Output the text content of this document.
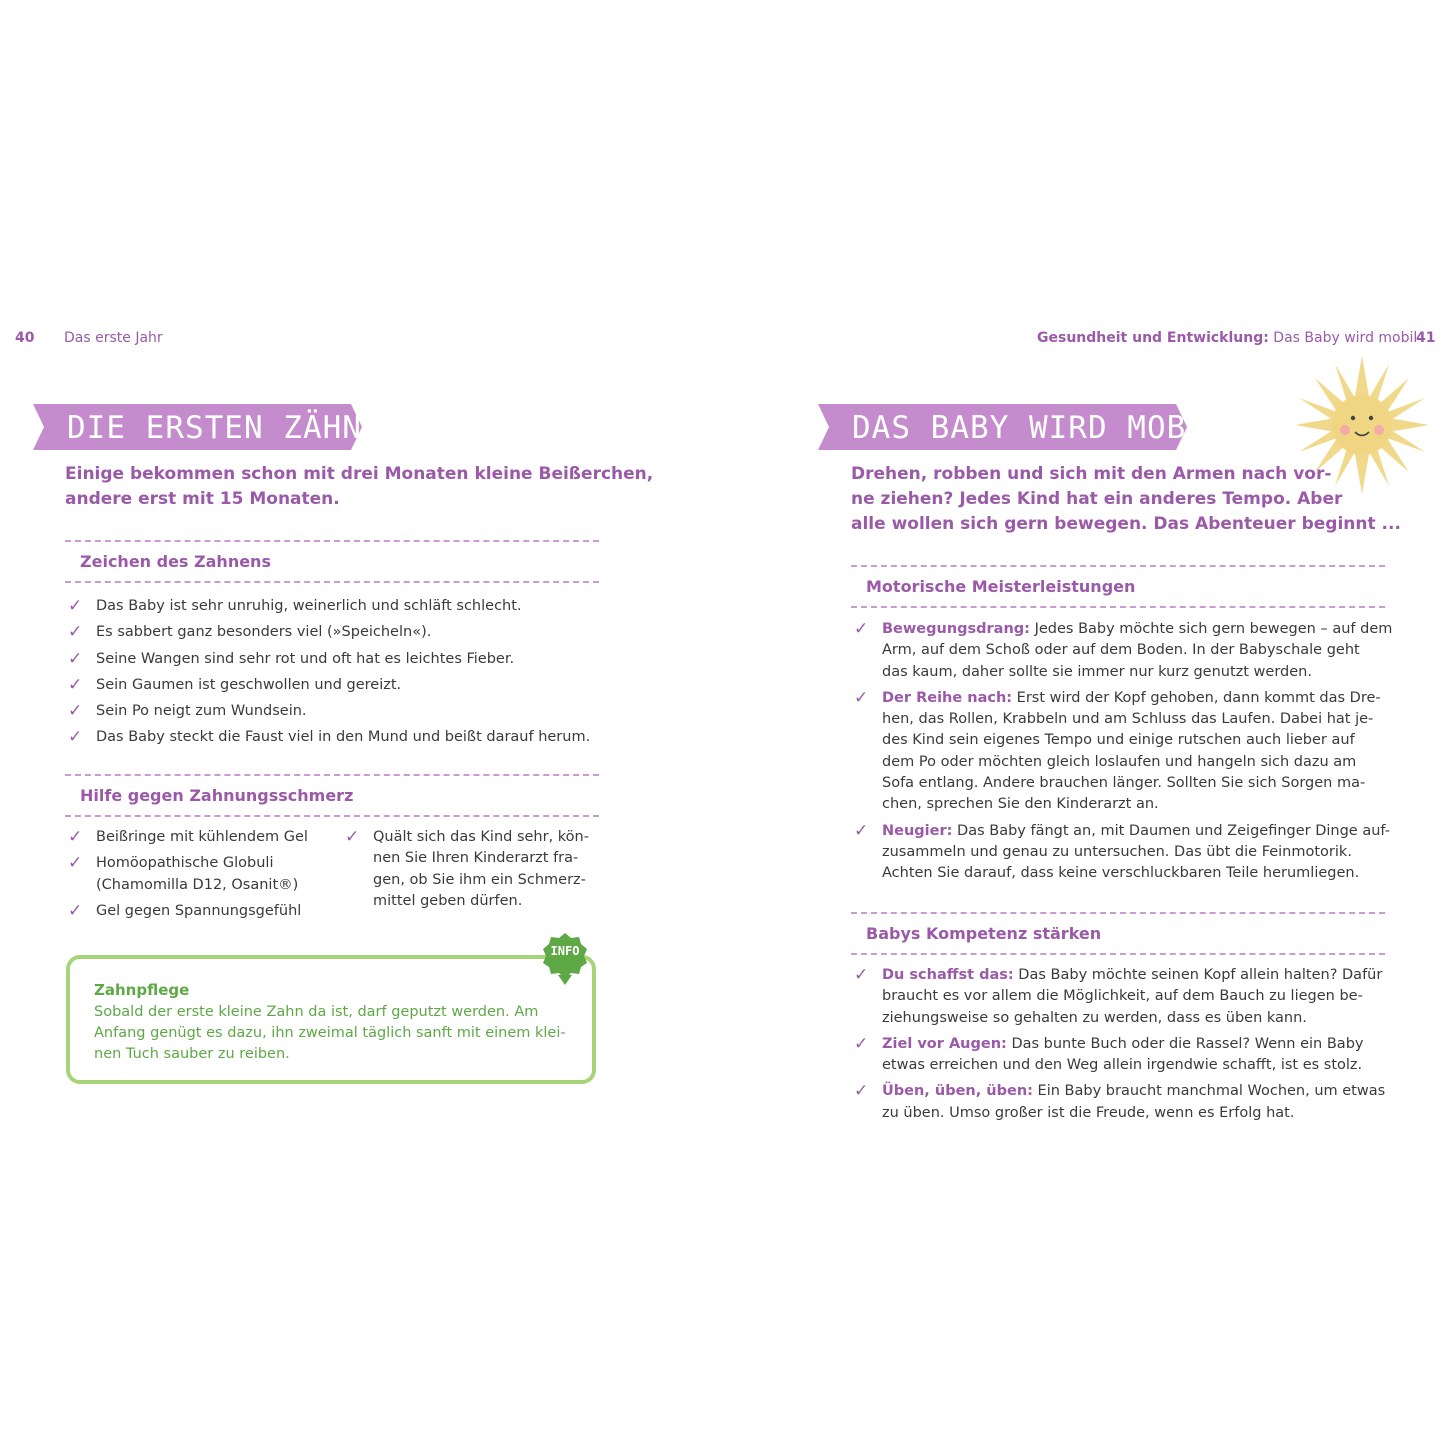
40 Das erste Jahr
DIE ERSTEN ZÄHNE
Einige bekommen schon mit drei Monaten kleine Beißerchen,
andere erst mit 15 Monaten.
Zeichen des Zahnens
✓ Das Baby ist sehr unruhig, weinerlich und schläft schlecht.
✓ Es sabbert ganz besonders viel (»Speicheln«).
✓ Seine Wangen sind sehr rot und oft hat es leichtes Fieber.
✓ Sein Gaumen ist geschwollen und gereizt.
✓ Sein Po neigt zum Wundsein.
✓ Das Baby steckt die Faust viel in den Mund und beißt darauf herum.
Hilfe gegen Zahnungsschmerz
✓ Beißringe mit kühlendem Gel
✓ Homöopathische Globuli
(Chamomilla D12, Osanit®)
✓ Gel gegen Spannungsgefühl
✓ Quält sich das Kind sehr, kön-
nen Sie Ihren Kinderarzt fra-
gen, ob Sie ihm ein Schmerz-
mittel geben dürfen.
Zahnpflege
Sobald der erste kleine Zahn da ist, darf geputzt werden. Am
Anfang genügt es dazu, ihn zweimal täglich sanft mit einem klei-
nen Tuch sauber zu reiben.
INFO
Gesundheit und Entwicklung: Das Baby wird mobil
41
DAS BABY WIRD MOBIL
Drehen, robben und sich mit den Armen nach vor-
ne ziehen? Jedes Kind hat ein anderes Tempo. Aber
alle wollen sich gern bewegen. Das Abenteuer beginnt ...
Motorische Meisterleistungen
✓ Bewegungsdrang: Jedes Baby möchte sich gern bewegen – auf dem
Arm, auf dem Schoß oder auf dem Boden. In der Babyschale geht
das kaum, daher sollte sie immer nur kurz genutzt werden.
✓ Der Reihe nach: Erst wird der Kopf gehoben, dann kommt das Dre-
hen, das Rollen, Krabbeln und am Schluss das Laufen. Dabei hat je-
des Kind sein eigenes Tempo und einige rutschen auch lieber auf
dem Po oder möchten gleich loslaufen und hangeln sich dazu am
Sofa entlang. Andere brauchen länger. Sollten Sie sich Sorgen ma-
chen, sprechen Sie den Kinderarzt an.
✓ Neugier: Das Baby fängt an, mit Daumen und Zeigefinger Dinge auf-
zusammeln und genau zu untersuchen. Das übt die Feinmotorik.
Achten Sie darauf, dass keine verschluckbaren Teile herumliegen.
Babys Kompetenz stärken
✓ Du schaffst das: Das Baby möchte seinen Kopf allein halten? Dafür
braucht es vor allem die Möglichkeit, auf dem Bauch zu liegen be-
ziehungsweise so gehalten zu werden, dass es üben kann.
✓ Ziel vor Augen: Das bunte Buch oder die Rassel? Wenn ein Baby
etwas erreichen und den Weg allein irgendwie schafft, ist es stolz.
✓ Üben, üben, üben: Ein Baby braucht manchmal Wochen, um etwas
zu üben. Umso großer ist die Freude, wenn es Erfolg hat.
